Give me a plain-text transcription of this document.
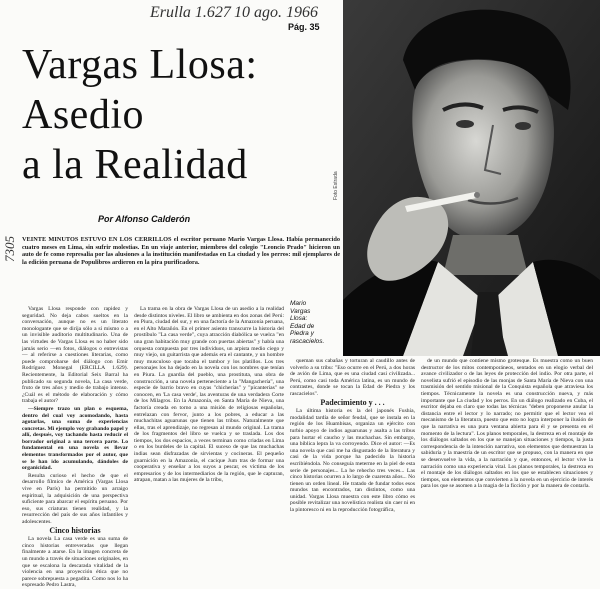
Erulla 1.627 10 ago. 1966
7305
Pág. 35
Vargas Llosa:
Asedio
a la Realidad
Por Alfonso Calderón
Foto Estrada
Mario
Vargas
Llosa:
Edad de
Piedra y
rascacielos.
VEINTE MINUTOS ESTUVO EN LOS CERRILLOS el escritor peruano Mario Vargas Llosa. Había permanecido cuatro meses en Lima, sin sufrir molestias. En un viaje anterior, miembros del colegio "Leoncio Prado" hicieron un auto de fe como represalia por las alusiones a la institución manifestadas en La ciudad y los perros: mil ejemplares de la edición peruana de Populibros ardieron en la pira purificadora.

Vargas Llosa responde con rapidez y seguridad. No deja cabos sueltos en la conversación, aunque no es un literato monologante que se dirija sólo a sí mismo o a un invisible auditorio multitudinario. Una de las virtudes de Vargas Llosa es no haber sido jamás serio —en fotos, diálogos o entrevistas— al referirse a cuestiones literarias, como puede comprobarse del diálogo con Emir Rodríguez Monegal (ERCILLA 1.629). Recientemente, la Editorial Seix Barral ha publicado su segunda novela, La casa verde, fruto de tres años y medio de trabajo intenso. ¿Cuál es el método de elaboración y cómo trabaja el autor?

—Siempre trazo un plan o esquema, dentro del cual voy acomodando, hasta agotarlas, una suma de experiencias concretas. Mi ejemplo voy grabando papel y allí, después, voy tachando hasta reducir el borrador original a una tercera parte. Lo fundamental en una novela es llevar elementos transformados por el autor, que se le han ido acumulando, dándoles de organicidad.

Resulta curioso el hecho de que el desarrollo fílmico de América (Vargas Llosa vive en París) ha permitido un arraigo espiritual, la adquisición de una perspectiva suficiente para abarcar el espíritu peruano. Por eso, sus criaturas tienen realidad, y la resurrección del país de sus años infantiles y adolescentes.

Cinco historias

La novela La casa verde es una suma de cinco historias entreveradas que llegan finalmente a atarse. En la imagen concreta de un mundo a través de situaciones originales, en que se escalona la descarada vitalidad de la violencia en una proyección ética que no parece sobrepuesta a pegadita. Como nos lo ha expresado Pedro Lastra,

La trama en la obra de Vargas Llosa de un asedio a la realidad desde distintos niveles. El libro se ambienta en dos zonas del Perú: en Piura, ciudad del sur, y en una factoría de la Amazonía peruana, en el Alto Marañón. En el primer asiento transcurre la historia del prostíbulo "La casa verde", cuya atracción diabólica se vuelca "en una gran habitación muy grande con puertas abiertas" y había una orquesta compuesta por tres individuos, un arpista medio ciego y muy viejo, un guitarrista que además era el cantante, y un hombre muy musculoso que tocaba el tambor y los platillos. Los tres personajes los ha dejado en la novela con los nombres que tenían en Piura. La guardia del pueblo, una prostituta, una obra de construcción, a una novela perteneciente a la "Mangachería", una especie de barrio bravo en cuyas "chicherías" y "picanterías" se conocen, en 'La casa verde', las aventuras de una verdadera Corte de los Milagros. En la Amazonía, en Santa María de Nieva, una factoría creada en torno a una misión de religiosas españolas, entrelazan con fervor, junto a los pobres, a educar a las muchachitas aguarunas que tienen las tribus. Naturalmente que ellas, tras el aprendizaje, no regresan al mundo original. La trama de los fragmentos del libro se vuelca y se traslada. Los dos tiempos, los dos espacios, a veces terminan como criadas en Lima o en los burdeles de la capital. El suceso de que las muchachas indias sean disfrazadas de sirvientas y cocineras. El pequeño guarnición en la Amazonía, el cacique Jum tras de formar una cooperativa y enseñar a los suyos a pescar, es víctima de los empresarios y de los intermediarios de la región, que le capturan, atrapan, matan a las mujeres de la tribu,

queman sus cabañas y torturan al caudillo antes de volverlo a su tribu: "Eso ocurre en el Perú, a dos horas de avión de Lima, que es una ciudad casi civilizada... Perú, como casi toda América latina, es un mundo de contrastes, donde se tocan la Edad de Piedra y los rascacielos".

Padecimiento y . . .

La última historia es la del japonés Fushía, modalidad tardía de señor feudal, que se instala en la región de los Huambisas, organiza un ejército con turbio apoyo de indios aguarunas y asalta a las tribus para hurtar el caucho y las muchachas. Sin embargo, una bíblica lepra la va corroyendo. Dice el autor: —Es una novela que casi me ha disgustado de la literatura y casi de la vida porque ha padecido la historia escribiéndola. No conseguía meterme en la piel de esta serie de personajes... La he rehecho tres veces... Las cinco historias ocurren a lo largo de cuarenta años... No tienen un orden lineal. He tratado de fundar todos esos mundos tan encontrados, tan distintos, como una unidad. Vargas Llosa muestra con este libro cómo es posible revitalizar una novelística realista sin caer ni en la pintoresco ni en la reproducción fotográfica,

de un mundo que contiene mismo grotesque. Es muestra como un buen destructor de los mitos contemporáneos, sentados en un elogio verbal del avance civilizador o de las leyes de protección del indio. Por otra parte, el novelista sufrió el episodio de las monjas de Santa María de Nieva con una trasmisión del sentido misional de la Conquista española que atraviesa los tiempos. Técnicamente la novela es una construcción nueva, y más importante que La ciudad y los perros. En un diálogo realizado en Cuba, el escritor dejaba en claro que todas las técnicas "deben proponerse anular la distancia entre el lector y lo narrado; no permitir que el lector vea el mecanismo de la literatura, puesto que esto no logra interponer la ilusión de que la narrativa es una pura ventana abierta para él y se presenta en el momento de la lectura". Los planos temporales, la destreza en el montaje de los diálogos saltados en los que se manejan situaciones y tiempos, la justa correspondencia de la intención narrativa, son elementos que demuestran la sabiduría y la maestría de un escritor que se propuso, con la manera en que se desenvuelve la vida, a la narración y que, entonces, el lector vive la narración como una experiencia vital. Los planos temporales, la destreza en el montaje de los diálogos saltados en los que se establecen situaciones y tiempos, son elementos que convierten a la novela en un ejercicio de interés para los que se asomen a la magia de la ficción y por la manera de contarla.
